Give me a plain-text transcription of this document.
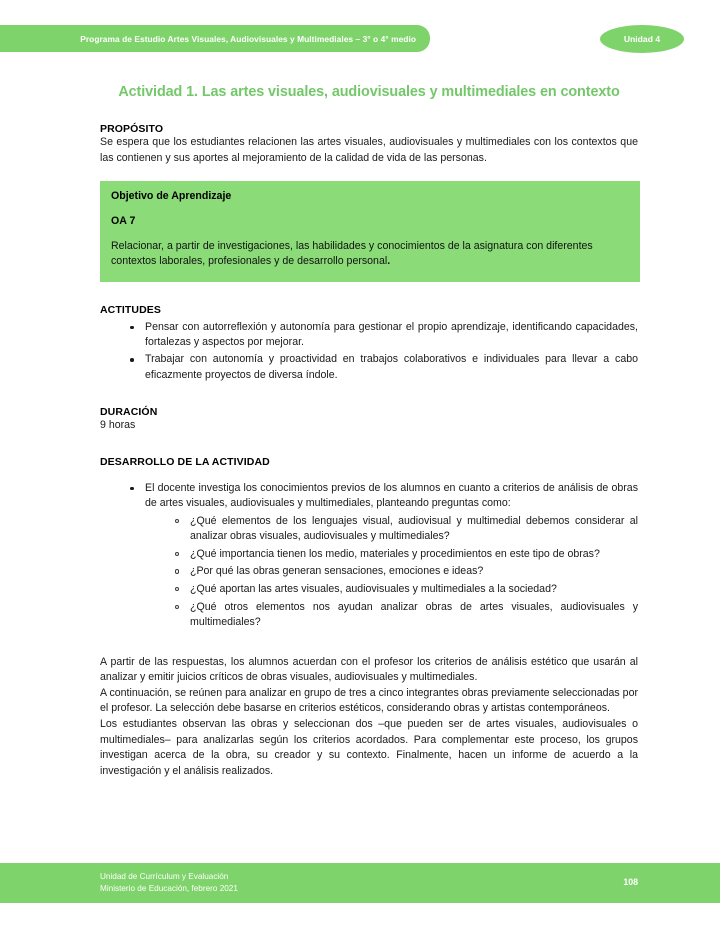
Programa de Estudio Artes Visuales, Audiovisuales y Multimediales – 3° o 4° medio	Unidad 4
Actividad 1. Las artes visuales, audiovisuales y multimediales en contexto
PROPÓSITO
Se espera que los estudiantes relacionen las artes visuales, audiovisuales y multimediales con los contextos que las contienen y sus aportes al mejoramiento de la calidad de vida de las personas.
Objetivo de Aprendizaje
OA 7
Relacionar, a partir de investigaciones, las habilidades y conocimientos de la asignatura con diferentes contextos laborales, profesionales y de desarrollo personal.
ACTITUDES
Pensar con autorreflexión y autonomía para gestionar el propio aprendizaje, identificando capacidades, fortalezas y aspectos por mejorar.
Trabajar con autonomía y proactividad en trabajos colaborativos e individuales para llevar a cabo eficazmente proyectos de diversa índole.
DURACIÓN
9 horas
DESARROLLO DE LA ACTIVIDAD
El docente investiga los conocimientos previos de los alumnos en cuanto a criterios de análisis de obras de artes visuales, audiovisuales y multimediales, planteando preguntas como:
¿Qué elementos de los lenguajes visual, audiovisual y multimedial debemos considerar al analizar obras visuales, audiovisuales y multimediales?
¿Qué importancia tienen los medio, materiales y procedimientos en este tipo de obras?
¿Por qué las obras generan sensaciones, emociones e ideas?
¿Qué aportan las artes visuales, audiovisuales y multimediales a la sociedad?
¿Qué otros elementos nos ayudan analizar obras de artes visuales, audiovisuales y multimediales?
A partir de las respuestas, los alumnos acuerdan con el profesor los criterios de análisis estético que usarán al analizar y emitir juicios críticos de obras visuales, audiovisuales y multimediales.
A continuación, se reúnen para analizar en grupo de tres a cinco integrantes obras previamente seleccionadas por el profesor. La selección debe basarse en criterios estéticos, considerando obras y artistas contemporáneos.
Los estudiantes observan las obras y seleccionan dos –que pueden ser de artes visuales, audiovisuales o multimediales– para analizarlas según los criterios acordados. Para complementar este proceso, los grupos investigan acerca de la obra, su creador y su contexto. Finalmente, hacen un informe de acuerdo a la investigación y el análisis realizados.
Unidad de Currículum y Evaluación
Ministerio de Educación, febrero 2021
108
